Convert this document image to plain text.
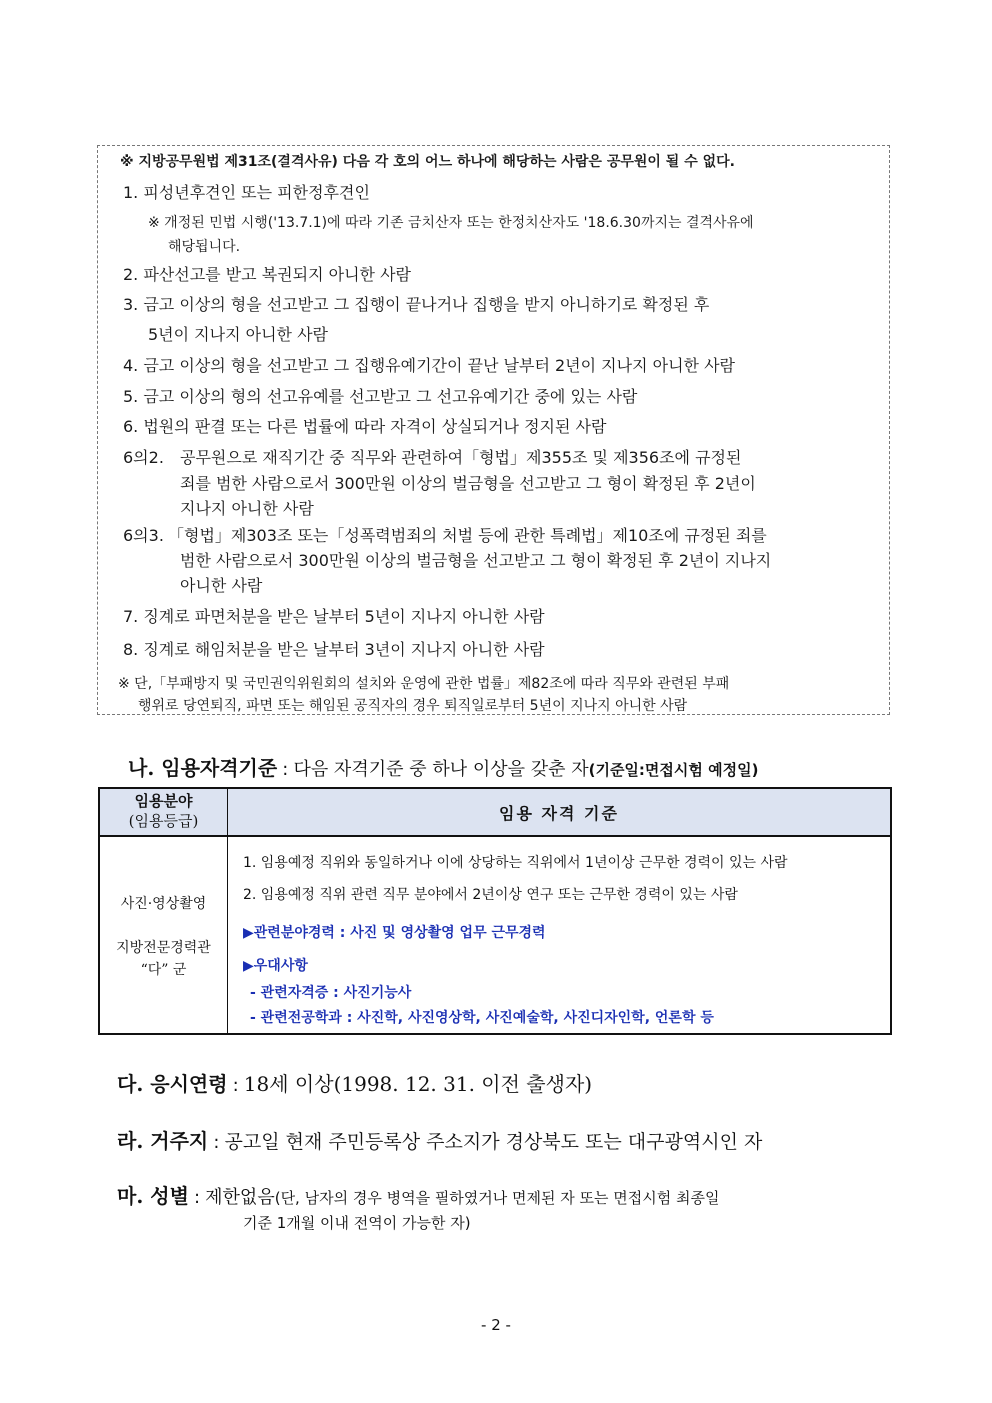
※ 지방공무원법 제31조(결격사유) 다음 각 호의 어느 하나에 해당하는 사람은 공무원이 될 수 없다.
1. 피성년후견인 또는 피한정후견인
※ 개정된 민법 시행('13.7.1)에 따라 기존 금치산자 또는 한정치산자도 '18.6.30까지는 결격사유에
해당됩니다.
2. 파산선고를 받고 복권되지 아니한 사람
3. 금고 이상의 형을 선고받고 그 집행이 끝나거나 집행을 받지 아니하기로 확정된 후
5년이 지나지 아니한 사람
4. 금고 이상의 형을 선고받고 그 집행유예기간이 끝난 날부터 2년이 지나지 아니한 사람
5. 금고 이상의 형의 선고유예를 선고받고 그 선고유예기간 중에 있는 사람
6. 법원의 판결 또는 다른 법률에 따라 자격이 상실되거나 정지된 사람
6의2. 공무원으로 재직기간 중 직무와 관련하여「형법」제355조 및 제356조에 규정된
죄를 범한 사람으로서 300만원 이상의 벌금형을 선고받고 그 형이 확정된 후 2년이
지나지 아니한 사람
6의3. 「형법」제303조 또는「성폭력범죄의 처벌 등에 관한 특례법」제10조에 규정된 죄를
범한 사람으로서 300만원 이상의 벌금형을 선고받고 그 형이 확정된 후 2년이 지나지
아니한 사람
7. 징계로 파면처분을 받은 날부터 5년이 지나지 아니한 사람
8. 징계로 해임처분을 받은 날부터 3년이 지나지 아니한 사람
※ 단,「부패방지 및 국민권익위원회의 설치와 운영에 관한 법률」제82조에 따라 직무와 관련된 부패
행위로 당연퇴직, 파면 또는 해임된 공직자의 경우 퇴직일로부터 5년이 지나지 아니한 사람
나. 임용자격기준 : 다음 자격기준 중 하나 이상을 갖춘 자(기준일:면접시험 예정일)
임용분야
(임용등급)	임용 자격 기준
사진·영상촬영
지방전문경력관
“다” 군
1. 임용예정 직위와 동일하거나 이에 상당하는 직위에서 1년이상 근무한 경력이 있는 사람
2. 임용예정 직위 관련 직무 분야에서 2년이상 연구 또는 근무한 경력이 있는 사람
▶관련분야경력 : 사진 및 영상촬영 업무 근무경력
▶우대사항
- 관련자격증 : 사진기능사
- 관련전공학과 : 사진학, 사진영상학, 사진예술학, 사진디자인학, 언론학 등
다. 응시연령 : 18세 이상(1998. 12. 31. 이전 출생자)
라. 거주지 : 공고일 현재 주민등록상 주소지가 경상북도 또는 대구광역시인 자
마. 성별 : 제한없음(단, 남자의 경우 병역을 필하였거나 면제된 자 또는 면접시험 최종일
기준 1개월 이내 전역이 가능한 자)
- 2 -
